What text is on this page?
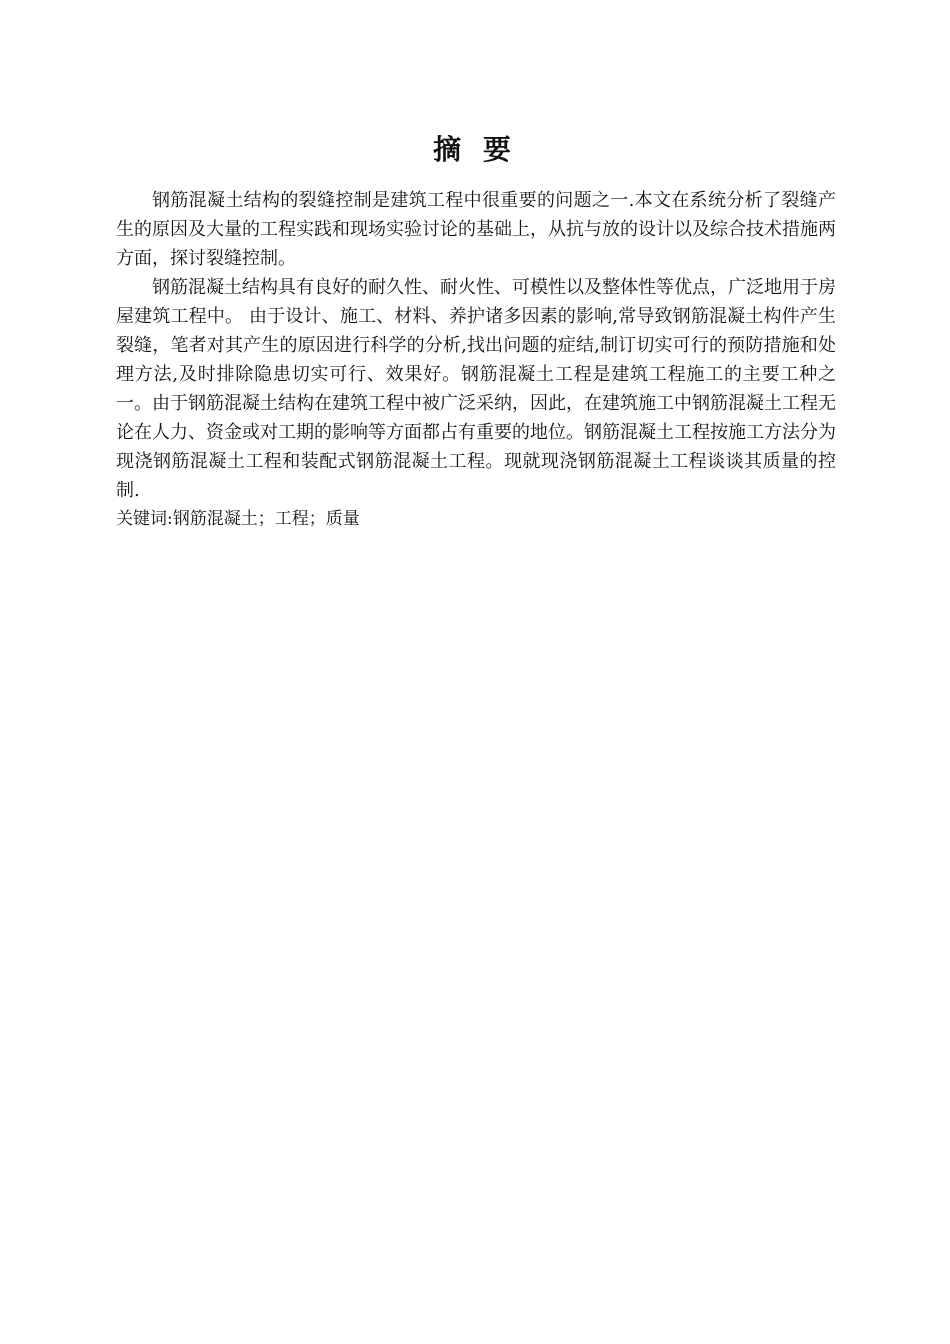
摘 要

钢筋混凝土结构的裂缝控制是建筑工程中很重要的问题之一.本文在系统分析了裂缝产生的原因及大量的工程实践和现场实验讨论的基础上，从抗与放的设计以及综合技术措施两方面，探讨裂缝控制。

钢筋混凝土结构具有良好的耐久性、耐火性、可模性以及整体性等优点，广泛地用于房屋建筑工程中。 由于设计、施工、材料、养护诸多因素的影响,常导致钢筋混凝土构件产生裂缝，笔者对其产生的原因进行科学的分析,找出问题的症结,制订切实可行的预防措施和处理方法,及时排除隐患切实可行、效果好。钢筋混凝土工程是建筑工程施工的主要工种之一。由于钢筋混凝土结构在建筑工程中被广泛采纳，因此，在建筑施工中钢筋混凝土工程无论在人力、资金或对工期的影响等方面都占有重要的地位。钢筋混凝土工程按施工方法分为现浇钢筋混凝土工程和装配式钢筋混凝土工程。现就现浇钢筋混凝土工程谈谈其质量的控制.

关键词:钢筋混凝土；工程；质量
